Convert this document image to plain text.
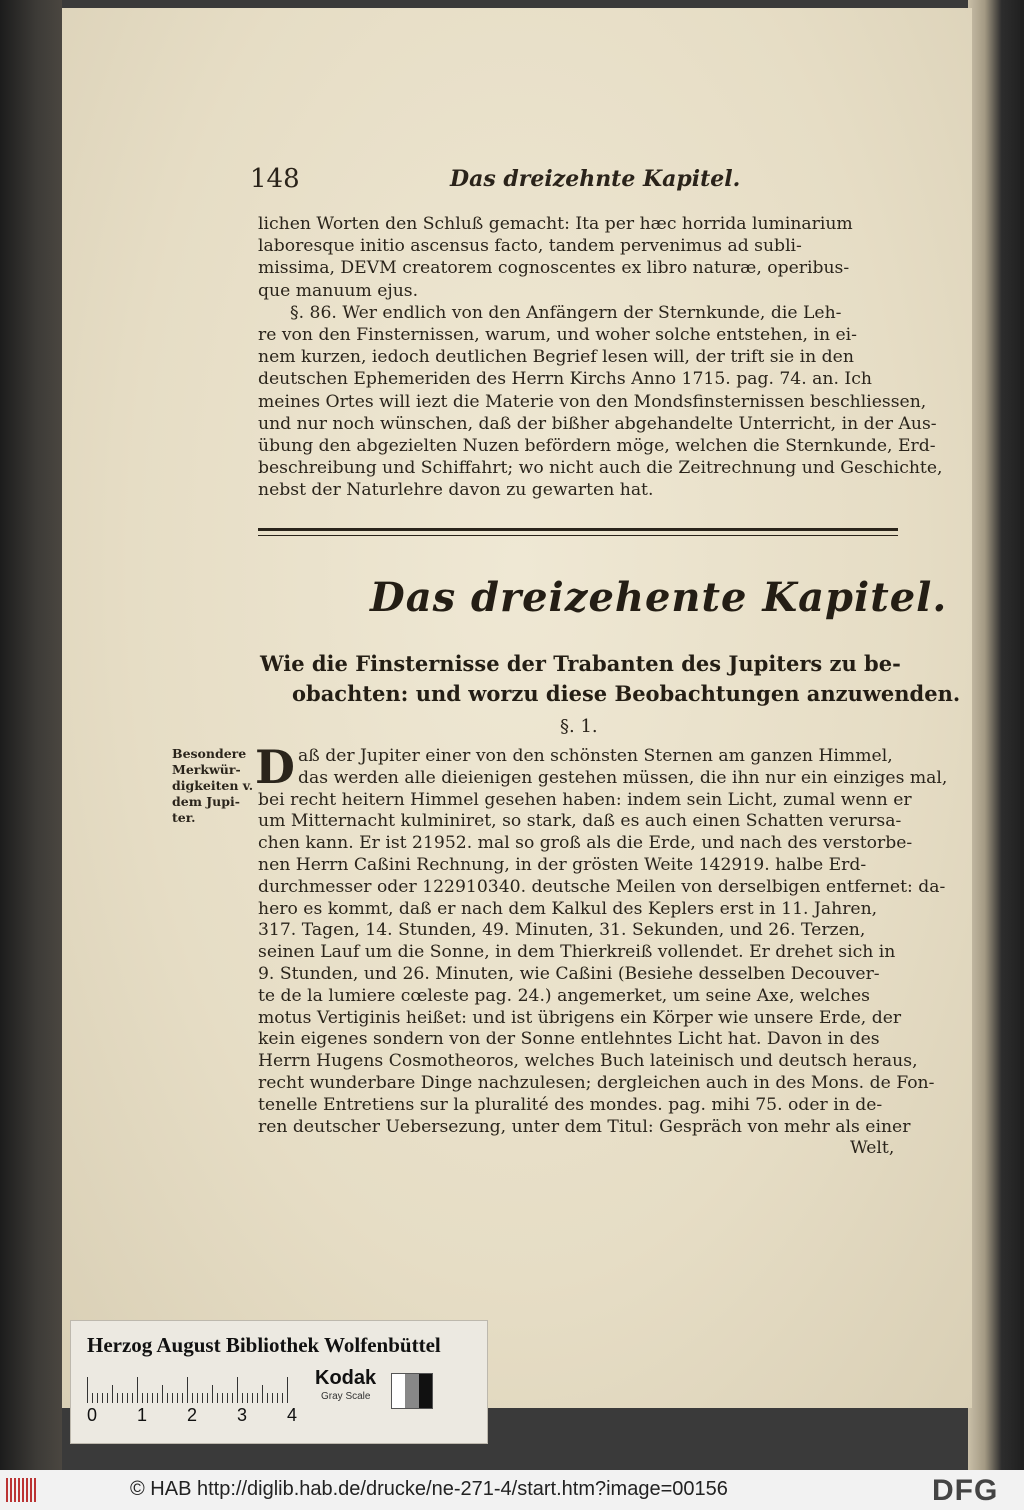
148	Das dreizehnte Kapitel.
lichen Worten den Schluß gemacht: Ita per hæc horrida luminarium
laboresque initio ascensus facto, tandem pervenimus ad subli-
missima, DEVM creatorem cognoscentes ex libro naturæ, operibus-
que manuum ejus.
§. 86. Wer endlich von den Anfängern der Sternkunde, die Leh-
re von den Finsternissen, warum, und woher solche entstehen, in ei-
nem kurzen, iedoch deutlichen Begrief lesen will, der trift sie in den
deutschen Ephemeriden des Herrn Kirchs Anno 1715. pag. 74. an. Ich
meines Ortes will iezt die Materie von den Mondsfinsternissen beschliessen,
und nur noch wünschen, daß der bißher abgehandelte Unterricht, in der Aus-
übung den abgezielten Nuzen befördern möge, welchen die Sternkunde, Erd-
beschreibung und Schiffahrt; wo nicht auch die Zeitrechnung und Geschichte,
nebst der Naturlehre davon zu gewarten hat.
Das dreizehente Kapitel.
Wie die Finsternisse der Trabanten des Jupiters zu be-
obachten: und worzu diese Beobachtungen anzuwenden.
§. 1.
Besondere
Merkwür-
digkeiten v.
dem Jupi-
ter.
D aß der Jupiter einer von den schönsten Sternen am ganzen Himmel,
das werden alle dieienigen gestehen müssen, die ihn nur ein einziges mal,
bei recht heitern Himmel gesehen haben: indem sein Licht, zumal wenn er
um Mitternacht kulminiret, so stark, daß es auch einen Schatten verursa-
chen kann. Er ist 21952. mal so groß als die Erde, und nach des verstorbe-
nen Herrn Caßini Rechnung, in der grösten Weite 142919. halbe Erd-
durchmesser oder 122910340. deutsche Meilen von derselbigen entfernet: da-
hero es kommt, daß er nach dem Kalkul des Keplers erst in 11. Jahren,
317. Tagen, 14. Stunden, 49. Minuten, 31. Sekunden, und 26. Terzen,
seinen Lauf um die Sonne, in dem Thierkreiß vollendet. Er drehet sich in
9. Stunden, und 26. Minuten, wie Caßini (Besiehe desselben Decouver-
te de la lumiere cœleste pag. 24.) angemerket, um seine Axe, welches
motus Vertiginis heißet: und ist übrigens ein Körper wie unsere Erde, der
kein eigenes sondern von der Sonne entlehntes Licht hat. Davon in des
Herrn Hugens Cosmotheoros, welches Buch lateinisch und deutsch heraus,
recht wunderbare Dinge nachzulesen; dergleichen auch in des Mons. de Fon-
tenelle Entretiens sur la pluralité des mondes. pag. mihi 75. oder in de-
ren deutscher Uebersezung, unter dem Titul: Gespräch von mehr als einer
Welt,
Herzog August Bibliothek Wolfenbüttel
0 1 2 3 4
Kodak
Gray Scale
© HAB http://diglib.hab.de/drucke/ne-271-4/start.htm?image=00156	DFG
